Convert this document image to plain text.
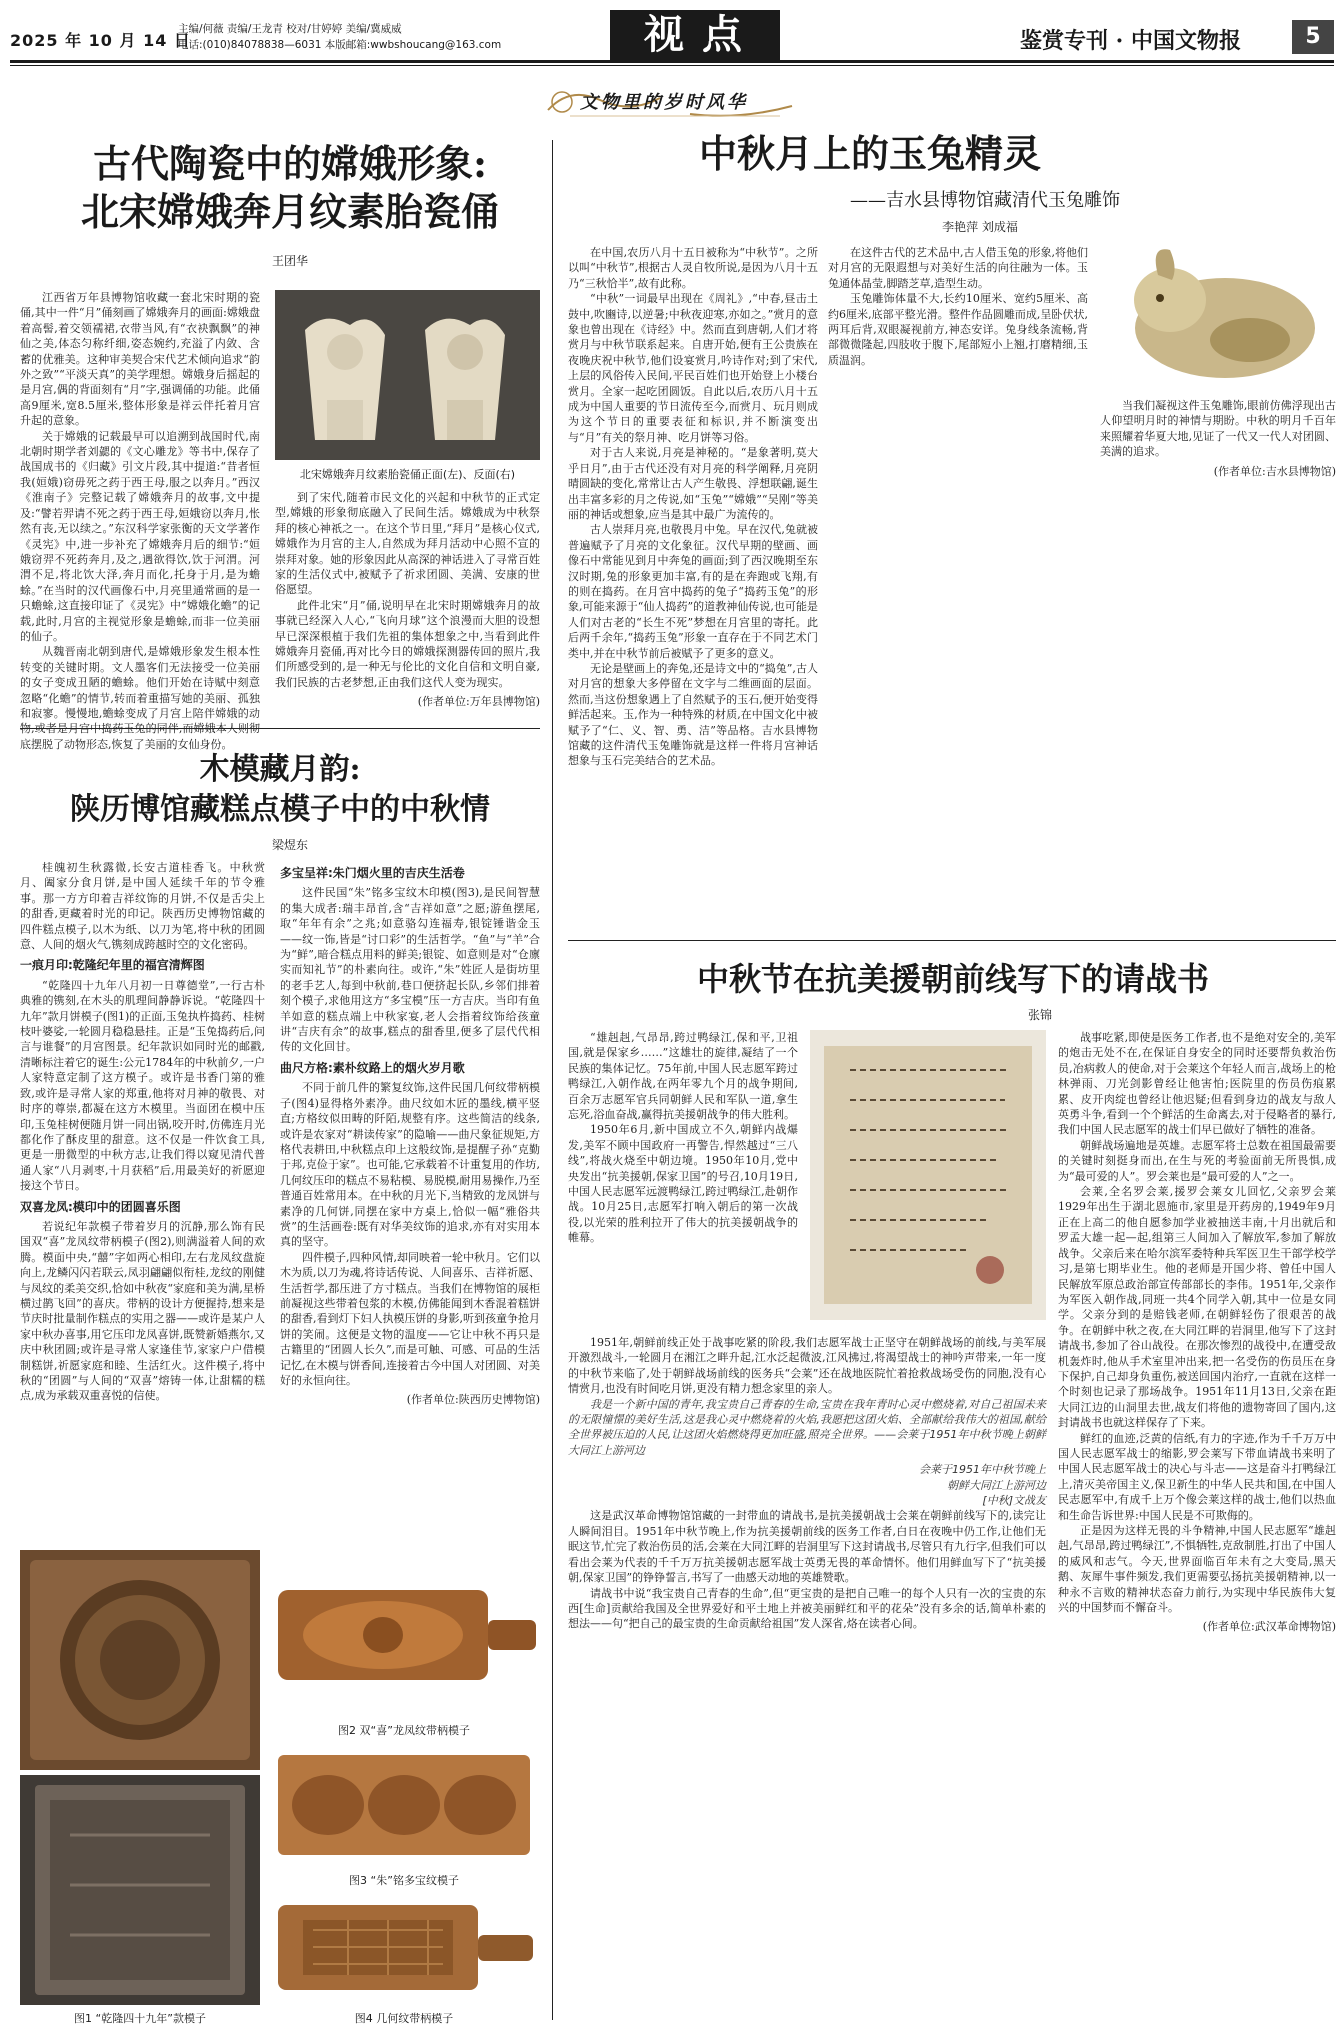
2025 年 10 月 14 日
主编/何薇 责编/王龙青 校对/甘婷婷 美编/冀威威
电话:(010)84078838—6031 本版邮箱:wwbshoucang@163.com	视点	鉴赏专刊 · 中国文物报	5
文物里的岁时风华
古代陶瓷中的嫦娥形象:
北宋嫦娥奔月纹素胎瓷俑
王团华

江西省万年县博物馆收藏一套北宋时期的瓷俑,其中一件“月”俑刻画了嫦娥奔月的画面:嫦娥盘着高髻,着交领襦裙,衣带当风,有“衣袂飘飘”的神仙之美,体态匀称纤细,姿态婉约,充溢了内敛、含蓄的优雅美。这种审美契合宋代艺术倾向追求“韵外之致”“平淡天真”的美学理想。嫦娥身后摇起的是月宫,偶的背面刻有“月”字,强调俑的功能。此俑高9厘米,宽8.5厘米,整体形象是祥云伴托着月宫升起的意象。

关于嫦娥的记载最早可以追溯到战国时代,南北朝时期学者刘勰的《文心雕龙》等书中,保存了战国成书的《归藏》引文片段,其中提道:“昔者恒我(姮娥)窃毋死之药于西王母,服之以奔月。”西汉《淮南子》完整记载了嫦娥奔月的故事,文中提及:“譬若羿请不死之药于西王母,姮娥窃以奔月,怅然有丧,无以续之。”东汉科学家张衡的天文学著作《灵宪》中,进一步补充了嫦娥奔月后的细节:“姮娥窃羿不死药奔月,及之,遇欲得饮,饮于河渭。河渭不足,将北饮大泽,奔月而化,托身于月,是为蟾蜍。”在当时的汉代画像石中,月亮里通常画的是一只蟾蜍,这直接印证了《灵宪》中“嫦娥化蟾”的记载,此时,月宫的主视觉形象是蟾蜍,而非一位美丽的仙子。

从魏晋南北朝到唐代,是嫦娥形象发生根本性转变的关键时期。文人墨客们无法接受一位美丽的女子变成丑陋的蟾蜍。他们开始在诗赋中刻意忽略“化蟾”的情节,转而着重描写她的美丽、孤独和寂寥。慢慢地,蟾蜍变成了月宫上陪伴嫦娥的动 底摆脱了动物形态,恢复了美丽的女仙身份。

北宋嫦娥奔月纹素胎瓷俑正面(左)、反面(右)

到了宋代,随着市民文化的兴起和中秋节的正式定型,嫦娥的形象彻底融入了民间生活。嫦娥成为中秋祭拜的核心神祇之一。在这个节日里,“拜月”是核心仪式,嫦娥作为月宫的主人,自然成为拜月活动中心照不宣的崇拜对象。她的形象因此从高深的神话进入了寻常百姓家的生活仪式中,被赋予了祈求团圆、美满、安康的世俗愿望。

此件北宋“月”俑,说明早在北宋时期嫦娥奔月的故事就已经深入人心,“飞向月球”这个浪漫而大胆的设想早已深深根植于我们先祖的集体想象之中,当看到此件嫦娥奔月瓷俑,再对比今日的嫦娥探测器传回的照片,我们所感受到的,是一种无与伦比的文化自信和文明自豪,我们民族的古老梦想,正由我们这代人变为现实。

(作者单位:万年县博物馆)

木模藏月韵:
陕历博馆藏糕点模子中的中秋情
梁煜东

桂魄初生秋露微,长安古道桂香飞。中秋赏月、阖家分食月饼,是中国人延续千年的节令雅事。那一方方印着吉祥纹饰的月饼,不仅是舌尖上的甜香,更藏着时光的印记。陕西历史博物馆藏的四件糕点模子,以木为纸、以刀为笔,将中秋的团圆意、人间的烟火气,镌刻成跨越时空的文化密码。

一痕月印:乾隆纪年里的福宫清辉图

“乾隆四十九年八月初一日尊德堂”,一行古朴典雅的镌刻,在木头的肌理间静静诉说。“乾隆四十九年”款月饼模子(图1)的正面,玉兔执杵捣药、桂树枝叶婆娑,一轮圆月稳稳悬挂。正是“玉兔捣药后,问言与谁餐”的月宫图景。纪年款识如同时光的邮戳,清晰标注着它的诞生:公元1784年的中秋前夕,一户人家特意定制了这方模子。或许是书香门第的雅致,或许是寻常人家的郑重,他将对月神的敬畏、对时序的尊崇,都凝在这方木模里。当面团在模中压印,玉兔桂树便随月饼一同出锅,咬开时,仿佛连月光都化作了酥皮里的甜意。这不仅是一件饮食工具,更是一册微型的中秋方志,让我们得以窥见清代普通人家“八月剥枣,十月获稻”后,用最美好的祈愿迎接这个节日。

双喜龙凤:模印中的团圆喜乐图

若说纪年款模子带着岁月的沉静,那么饰有民国双“喜”龙凤纹带柄模子(图2),则满溢着人间的欢腾。模面中央,“囍”字如两心相印,左右龙凤纹盘旋向上,龙鳞闪闪若联云,凤羽翩翩似衔桂,龙纹的刚健与凤纹的柔美交织,恰如中秋夜“家庭和美为满,星桥横过鹊飞回”的喜庆。带柄的设计方便握持,想来是节庆时批量制作糕点的实用之器——或许是某户人家中秋办喜事,用它压印龙凤喜饼,既赞新婚燕尔,又庆中秋团圆;或许是寻常人家逢佳节,家家户户借模制糕饼,祈愿家庭和睦、生活红火。这件模子,将中秋的“团圆”与人间的“双喜”熔铸一体,让甜糯的糕点,成为承载双重喜悦的信使。

多宝呈祥:朱门烟火里的吉庆生活卷

这件民国“朱”铭多宝纹木印模(图3),是民间智慧的集大成者:瑞丰昂首,含“吉祥如意”之愿;游鱼摆尾,取“年年有余”之兆;如意骆勾连福寿,银锭锤谐金玉——纹一饰,皆是“讨口彩”的生活哲学。“鱼”与“羊”合为“鲜”,暗合糕点用料的鲜美;银锭、如意则是对“仓廪实而知礼节”的朴素向往。或许,“朱”姓匠人是街坊里的老手艺人,每到中秋前,巷口便挤起长队,乡邻们排着刻个模子,求他用这方“多宝模”压一方吉庆。当印有鱼羊如意的糕点端上中秋家宴,老人会指着纹饰给孩童讲“吉庆有余”的故事,糕点的甜香里,便多了层代代相传的文化回甘。

曲尺方格:素朴纹路上的烟火岁月歌

不同于前几件的繁复纹饰,这件民国几何纹带柄模子(图4)显得格外素净。曲尺纹如木匠的墨线,横平竖直;方格纹似田畴的阡陌,规整有序。这些简洁的线条,或许是农家对“耕读传家”的隐喻——曲尺象征规矩,方格代表耕田,中秋糕点印上这般纹饰,是提醒子孙“克勤于邦,克俭于家”。也可能,它承载着不计重复用的作坊,几何纹压印的糕点不易粘模、易脱模,耐用易操作,乃至普通百姓常用本。在中秋的月光下,当精致的龙凤饼与素净的几何饼,同摆在家中方桌上,恰似一幅“雅俗共赏”的生活画卷:既有对华美纹饰的追求,亦有对实用本真的坚守。

四件模子,四种风情,却同映着一轮中秋月。它们以木为质,以刀为魂,将诗话传说、人间喜乐、吉祥祈愿、生活哲学,都压进了方寸糕点。当我们在博物馆的展柜前凝视这些带着包浆的木模,仿佛能闻到木香混着糕饼的甜香,看到灯下妇人执模压饼的身影,听到孩童争抢月饼的笑闹。这便是文物的温度——它让中秋不再只是古籍里的“团圆人长久”,而是可触、可感、可品的生活记忆,在木模与饼香间,连接着古今中国人对团圆、对美好的永恒向往。

(作者单位:陕西历史博物馆)

图1 “乾隆四十九年”款模子
图2 双“喜”龙凤纹带柄模子
图3 “朱”铭多宝纹模子
图4 几何纹带柄模子
中秋月上的玉兔精灵
——吉水县博物馆藏清代玉兔雕饰
李艳萍 刘成福

在中国,农历八月十五日被称为“中秋节”。之所以叫“中秋节”,根据古人灵自牧所说,是因为八月十五乃“三秋恰半”,故有此称。

“中秋”一词最早出现在《周礼》,“中春,昼击土鼓中,吹豳诗,以逆暑;中秋夜迎寒,亦如之。”赏月的意象也曾出现在《诗经》中。然而直到唐朝,人们才将赏月与中秋节联系起来。自唐开始,便有王公贵族在夜晚庆祝中秋节,他们设宴赏月,吟诗作对;到了宋代,上层的风俗传入民间,平民百姓们也开始登上小楼台赏月。全家一起吃团圆饭。自此以后,农历八月十五成为中国人重要的节日流传至今,而赏月、玩月则成为这个节日的重要表征和标识,并不断演变出与“月”有关的祭月神、吃月饼等习俗。

对于古人来说,月亮是神秘的。“是象著明,莫大乎日月”,由于古代还没有对月亮的科学阐释,月亮阴晴圆缺的变化,常常让古人产生敬畏、浮想联翩,诞生出丰富多彩的月之传说,如“玉兔”“嫦娥”“吴刚”等美丽的神话或想象,应当是其中最广为流传的。

古人崇拜月亮,也敬畏月中兔。早在汉代,兔就被普遍赋予了月亮的文化象征。汉代早期的壁画、画像石中常能见到月中奔兔的画面;到了西汉晚期至东汉时期,兔的形象更加丰富,有的是在奔跑或飞翔,有的则在捣药。在月宫中捣药的兔子“捣药玉兔”的形象,可能来源于“仙人捣药”的道教神仙传说,也可能是人们对古老的“长生不死”梦想在月宫里的寄托。此后两千余年,“捣药玉兔”形象一直存在于不同艺术门类中,并在中秋节前后被赋予了更多的意义。

无论是壁画上的奔兔,还是诗文中的“捣兔”,古人对月宫的想象大多停留在文字与二维画面的层面。然而,当这份想象遇上了自然赋予的玉石,便开始变得鲜活起来。玉,作为一种特殊的材质,在中国文化中被赋予了“仁、义、智、勇、洁”等品格。吉水县博物馆藏的这件清代玉兔雕饰就是这样一件将月宫神话想象与玉石完美结合的艺术品。

在这件古代的艺术品中,古人借玉兔的形象,将他们对月宫的无限遐想与对美好生活的向往融为一体。玉兔通体晶莹,脚踏芝草,造型生动。

玉兔雕饰体量不大,长约10厘米、宽约5厘米、高约6厘米,底部平整光滑。整件作品圆雕而成,呈卧伏状,两耳后背,双眼凝视前方,神态安详。兔身线条流畅,背部微微隆起,四肢收于腹下,尾部短小上翘,打磨精细,玉质温润。

当我们凝视这件玉兔雕饰,眼前仿佛浮现出古人仰望明月时的神情与期盼。中秋的明月千百年来照耀着华夏大地,见证了一代又一代人对团圆、美满的追求。

(作者单位:吉水县博物馆)

中秋节在抗美援朝前线写下的请战书
张锦

“雄赳赳,气昂昂,跨过鸭绿江,保和平,卫祖国,就是保家乡……”这雄壮的旋律,凝结了一个民族的集体记忆。75年前,中国人民志愿军跨过鸭绿江,入朝作战,在两年零九个月的战争期间,百余万志愿军官兵同朝鲜人民和军队一道,拿生忘死,浴血奋战,赢得抗美援朝战争的伟大胜利。

1950年6月,新中国成立不久,朝鲜内战爆发,美军不顾中国政府一再警告,悍然越过“三八线”,将战火烧至中朝边境。1950年10月,党中央发出“抗美援朝,保家卫国”的号召,10月19日,中国人民志愿军远渡鸭绿江,跨过鸭绿江,赴朝作战。10月25日,志愿军打响入朝后的第一次战役,以光荣的胜利拉开了伟大的抗美援朝战争的帷幕。

战事吃紧,即使是医务工作者,也不是绝对安全的,美军的炮击无处不在,在保证自身安全的同时还要帮负救治伤员,冶病救人的使命,对于会莱这个年轻人而言,战场上的枪林弹雨、刀光剑影曾经让他害怕;医院里的伤员伤痕累累、皮开肉绽也曾经让他迟疑;但看到身边的战友与敌人英勇斗争,看到一个个鲜活的生命离去,对于侵略者的暴行,我们中国人民志愿军的战士们早已做好了牺牲的准备。

朝鲜战场遍地是英雄。志愿军将士总数在祖国最需要的关键时刻挺身而出,在生与死的考验面前无所畏惧,成为“最可爱的人”。罗会莱也是“最可爱的人”之一。

会莱,全名罗会莱,援罗会莱女儿回忆,父亲罗会莱1929年出生于湖北恩施市,家里是开药房的,1949年9月正在上高二的他自愿参加学业被抽送丰南,十月出就后和罗孟大雄一起—起,组第三人间加入了解放军,参加了解放战争。父亲后来在哈尔滨军委特种兵军医卫生干部学校学习,是第七期毕业生。他的老师是开国少将、曾任中国人民解放军原总政治部宣传部部长的李伟。1951年,父亲作为军医入朝作战,同班一共4个同学入朝,其中一位是女同学。父亲分到的是赔钱老师,在朝鲜轻伤了很艰苦的战争。在朝鲜中秋之夜,在大同江畔的岩洞里,他写下了这封请战书,参加了谷山战役。在那次惨烈的战役中,在遭受敌机轰炸时,他从手术室里冲出来,把一名受伤的伤员压在身下保护,自己却身负重伤,被送回国内治疗,一直就在这样一个时刻也记录了那场战争。1951年11月13日,父亲在距大同江边的山洞里去世,战友们将他的遗物寄回了国内,这封请战书也就这样保存了下来。

鲜红的血迹,泛黄的信纸,有力的字迹,作为千千万万中国人民志愿军战士的缩影,罗会莱写下带血请战书来明了中国人民志愿军战士的决心与斗志——这是奋斗打鸭绿江上,清灭美帝国主义,保卫新生的中华人民共和国,在中国人民志愿军中,有成千上万个像会莱这样的战士,他们以热血和生命告诉世界:中国人民是不可欺侮的。

正是因为这样无畏的斗争精神,中国人民志愿军“雄赳赳,气昂昂,跨过鸭绿江”,不惧牺牲,克敌制胜,打出了中国人的威风和志气。今天,世界面临百年未有之大变局,黑天鹅、灰犀牛事件频发,我们更需要弘扬抗美援朝精神,以一种永不言败的精神状态奋力前行,为实现中华民族伟大复兴的中国梦而不懈奋斗。

(作者单位:武汉革命博物馆)

1951年,朝鲜前线正处于战事吃紧的阶段,我们志愿军战士正坚守在朝鲜战场的前线,与美军展开激烈战斗,一轮圆月在湘江之畔升起,江水泛起微波,江风拂过,将渴望战士的神吟声带来,一年一度的中秋节来临了,处于朝鲜战场前线的医务兵“会莱”还在战地医院忙着抢救战场受伤的同胞,没有心情赏月,也没有时间吃月饼,更没有精力想念家里的亲人。

我是一个新中国的青年,我宝贵自己青春的生命,宝贵在我年青时心灵中燃烧着,对自己祖国未来的无限憧憬的美好生活,这是我心灵中燃烧着的火焰,我愿把这团火焰、全部献给我伟大的祖国,献给全世界被压迫的人民,让这团火焰燃烧得更加旺盛,照亮全世界。——会莱于1951年中秋节晚上朝鲜大同江上游河边

会莱于1951年中秋节晚上
朝鲜大同江上游河边
[中秋]文战友

这是武汉革命博物馆馆藏的一封带血的请战书,是抗美援朝战士会莱在朝鲜前线写下的,读完让人瞬间泪目。1951年中秋节晚上,作为抗美援朝前线的医务工作者,白日在夜晚中仍工作,让他们无眠这节,忙完了救治伤员的活,会莱在大同江畔的岩洞里写下这封请战书,尽管只有九行字,但我们可以看出会莱为代表的千千万万抗美援朝志愿军战士英勇无畏的革命情怀。他们用鲜血写下了“抗美援朝,保家卫国”的铮铮誓言,书写了一曲感天动地的英雄赞歌。

请战书中说“我宝贵自己青春的生命”,但“更宝贵的是把自己唯一的每个人只有一次的宝贵的东西[生命]贡献给我国及全世界爱好和平土地上并被美丽鲜红和平的花朵”没有多余的话,简单朴素的想法——句“把自己的最宝贵的生命贡献给祖国”发人深省,烙在读者心间。
